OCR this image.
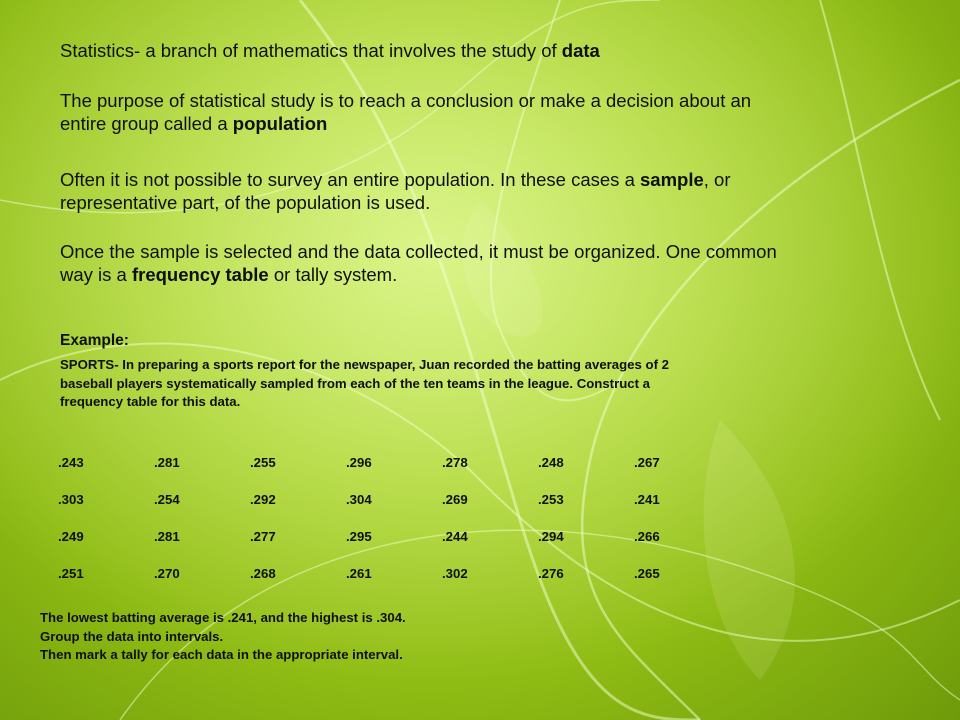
Statistics- a branch of mathematics that involves the study of data

The purpose of statistical study is to reach a conclusion or make a decision about an entire group called a population

Often it is not possible to survey an entire population. In these cases a sample, or representative part, of the population is used.

Once the sample is selected and the data collected, it must be organized. One common way is a frequency table or tally system.

Example:

SPORTS- In preparing a sports report for the newspaper, Juan recorded the batting averages of 2 baseball players systematically sampled from each of the ten teams in the league. Construct a frequency table for this data.

.243	.281	.255	.296	.278	.248	.267
.303	.254	.292	.304	.269	.253	.241
.249	.281	.277	.295	.244	.294	.266
.251	.270	.268	.261	.302	.276	.265

The lowest batting average is .241, and the highest is .304.
Group the data into intervals.
Then mark a tally for each data in the appropriate interval.
